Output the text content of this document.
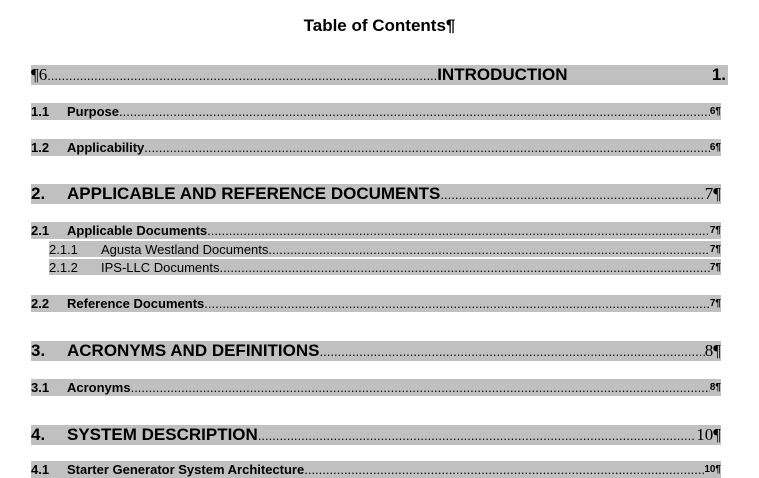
Table of Contents¶
¶6 .....	INTRODUCTION	1.
1.1	Purpose .....	6¶
1.2	Applicability .....	6¶
2.	APPLICABLE AND REFERENCE DOCUMENTS .....	7¶
2.1	Applicable Documents .....	7¶
2.1.1	Agusta Westland Documents .....	7¶
2.1.2	IPS-LLC Documents .....	7¶
2.2	Reference Documents .....	7¶
3.	ACRONYMS AND DEFINITIONS .....	8¶
3.1	Acronyms .....	8¶
4.	SYSTEM DESCRIPTION .....	10¶
4.1	Starter Generator System Architecture .....	10¶
